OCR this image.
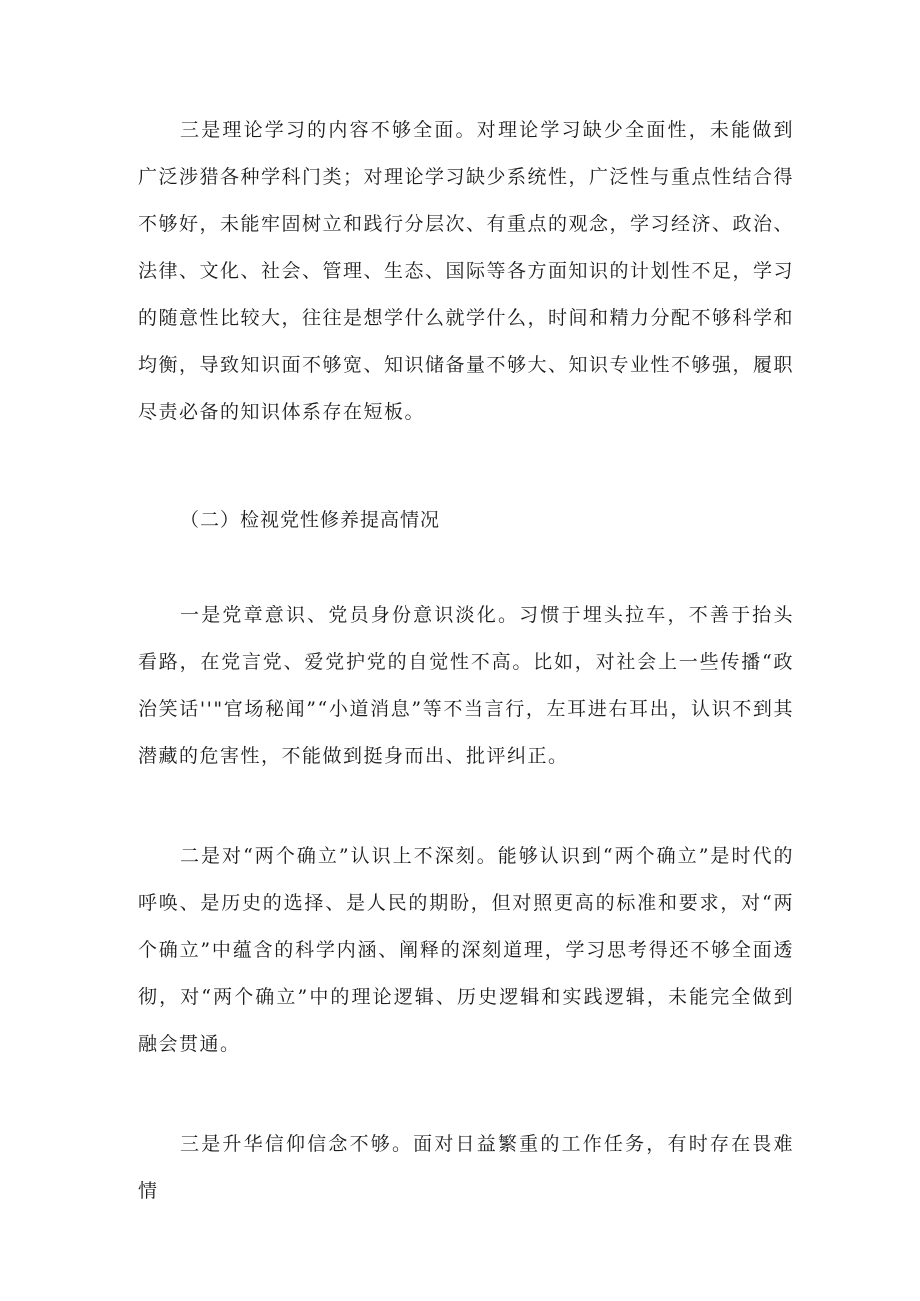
三是理论学习的内容不够全面。对理论学习缺少全面性，未能做到广泛涉猎各种学科门类；对理论学习缺少系统性，广泛性与重点性结合得不够好，未能牢固树立和践行分层次、有重点的观念，学习经济、政治、法律、文化、社会、管理、生态、国际等各方面知识的计划性不足，学习的随意性比较大，往往是想学什么就学什么，时间和精力分配不够科学和均衡，导致知识面不够宽、知识储备量不够大、知识专业性不够强，履职尽责必备的知识体系存在短板。

（二）检视党性修养提高情况

一是党章意识、党员身份意识淡化。习惯于埋头拉车，不善于抬头看路，在党言党、爱党护党的自觉性不高。比如，对社会上一些传播“政治笑话''"官场秘闻”“小道消息”等不当言行，左耳进右耳出，认识不到其潜藏的危害性，不能做到挺身而出、批评纠正。

二是对“两个确立”认识上不深刻。能够认识到“两个确立”是时代的呼唤、是历史的选择、是人民的期盼，但对照更高的标准和要求，对“两个确立”中蕴含的科学内涵、阐释的深刻道理，学习思考得还不够全面透彻，对“两个确立”中的理论逻辑、历史逻辑和实践逻辑，未能完全做到融会贯通。

三是升华信仰信念不够。面对日益繁重的工作任务，有时存在畏难情
